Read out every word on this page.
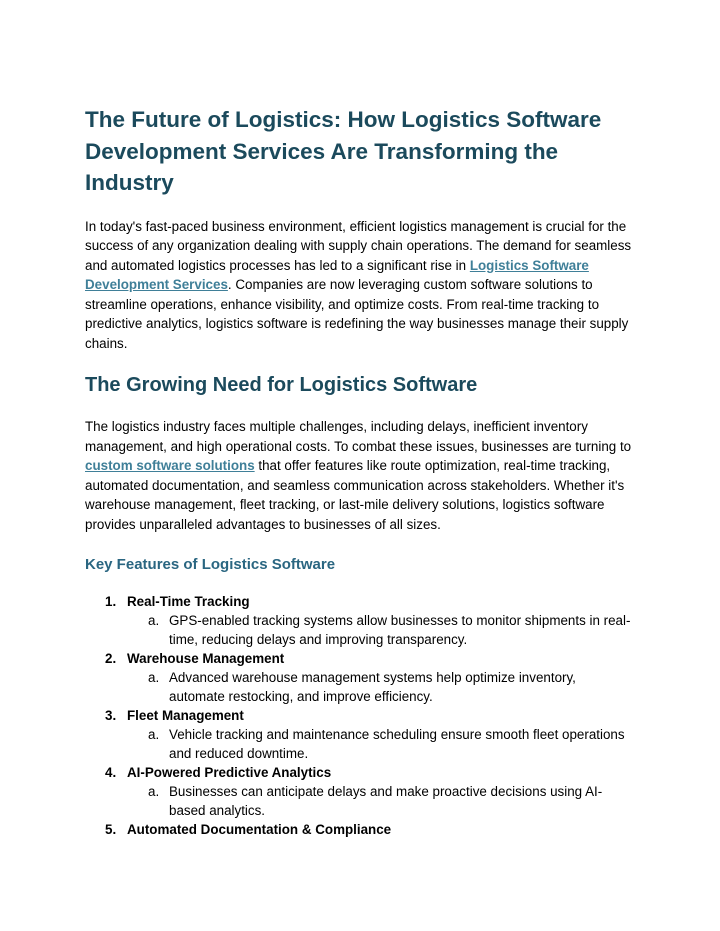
The Future of Logistics: How Logistics Software Development Services Are Transforming the Industry

In today's fast-paced business environment, efficient logistics management is crucial for the success of any organization dealing with supply chain operations. The demand for seamless and automated logistics processes has led to a significant rise in Logistics Software Development Services. Companies are now leveraging custom software solutions to streamline operations, enhance visibility, and optimize costs. From real-time tracking to predictive analytics, logistics software is redefining the way businesses manage their supply chains.

The Growing Need for Logistics Software

The logistics industry faces multiple challenges, including delays, inefficient inventory management, and high operational costs. To combat these issues, businesses are turning to custom software solutions that offer features like route optimization, real-time tracking, automated documentation, and seamless communication across stakeholders. Whether it's warehouse management, fleet tracking, or last-mile delivery solutions, logistics software provides unparalleled advantages to businesses of all sizes.

Key Features of Logistics Software
1. Real-Time Tracking
a. GPS-enabled tracking systems allow businesses to monitor shipments in real-time, reducing delays and improving transparency.
2. Warehouse Management
a. Advanced warehouse management systems help optimize inventory, automate restocking, and improve efficiency.
3. Fleet Management
a. Vehicle tracking and maintenance scheduling ensure smooth fleet operations and reduced downtime.
4. AI-Powered Predictive Analytics
a. Businesses can anticipate delays and make proactive decisions using AI-based analytics.
5. Automated Documentation & Compliance
